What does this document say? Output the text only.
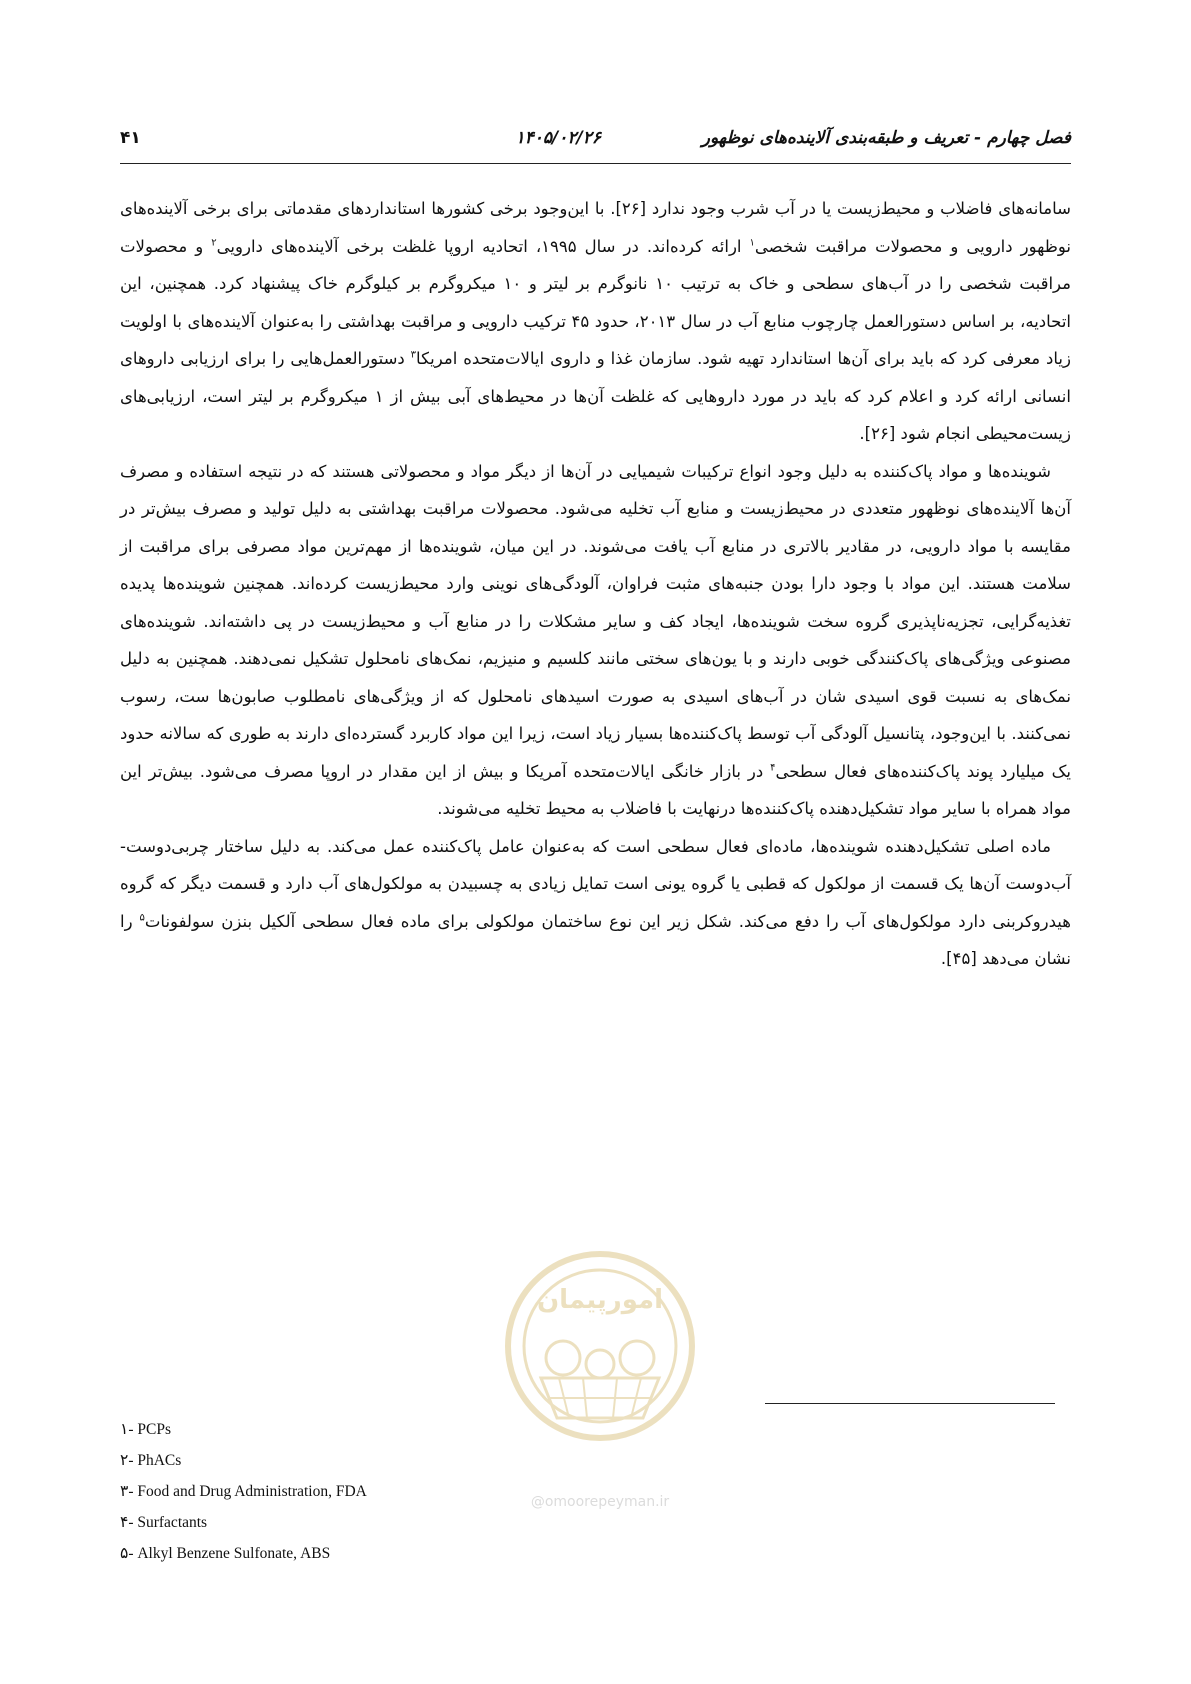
فصل چهارم - تعریف و طبقه‌بندی آلاینده‌های نوظهور
۱۴۰۵/۰۲/۲۶
۴۱

سامانه‌های فاضلاب و محیط‌زیست یا در آب شرب وجود ندارد [۲۶]. با این‌وجود برخی کشورها استانداردهای مقدماتی برای برخی آلاینده‌های نوظهور دارویی و محصولات مراقبت شخصی$^۱$ ارائه کرده‌اند. در سال ۱۹۹۵، اتحادیه اروپا غلظت برخی آلاینده‌های دارویی$^۲$ و محصولات مراقبت شخصی را در آب‌های سطحی و خاک به ترتیب ۱۰ نانوگرم بر لیتر و ۱۰ میکروگرم بر کیلوگرم خاک پیشنهاد کرد. همچنین، این اتحادیه، بر اساس دستورالعمل چارچوب منابع آب در سال ۲۰۱۳، حدود ۴۵ ترکیب دارویی و مراقبت بهداشتی را به‌عنوان آلاینده‌های با اولویت زیاد معرفی کرد که باید برای آن‌ها استاندارد تهیه شود. سازمان غذا و داروی ایالات‌متحده امریکا$^۳$ دستورالعمل‌هایی را برای ارزیابی داروهای انسانی ارائه کرد و اعلام کرد که باید در مورد داروهایی که غلظت آن‌ها در محیط‌های آبی بیش از ۱ میکروگرم بر لیتر است، ارزیابی‌های زیست‌محیطی انجام شود [۲۶].

شوینده‌ها و مواد پاک‌کننده به دلیل وجود انواع ترکیبات شیمیایی در آن‌ها از دیگر مواد و محصولاتی هستند که در نتیجه استفاده و مصرف آن‌ها آلاینده‌های نوظهور متعددی در محیط‌زیست و منابع آب تخلیه می‌شود. محصولات مراقبت بهداشتی به دلیل تولید و مصرف بیش‌تر در مقایسه با مواد دارویی، در مقادیر بالاتری در منابع آب یافت می‌شوند. در این میان، شوینده‌ها از مهم‌ترین مواد مصرفی برای مراقبت از سلامت هستند. این مواد با وجود دارا بودن جنبه‌های مثبت فراوان، آلودگی‌های نوینی وارد محیط‌زیست کرده‌اند. همچنین شوینده‌ها پدیده تغذیه‌گرایی، تجزیه‌ناپذیری گروه سخت شوینده‌ها، ایجاد کف و سایر مشکلات را در منابع آب و محیط‌زیست در پی داشته‌اند. شوینده‌های مصنوعی ویژگی‌های پاک‌کنندگی خوبی دارند و با یون‌های سختی مانند کلسیم و منیزیم، نمک‌های نامحلول تشکیل نمی‌دهند. همچنین به دلیل نمک‌های به نسبت قوی اسیدی شان در آب‌های اسیدی به صورت اسیدهای نامحلول که از ویژگی‌های نامطلوب صابون‌ها ست، رسوب نمی‌کنند. با این‌وجود، پتانسیل آلودگی آب توسط پاک‌کننده‌ها بسیار زیاد است، زیرا این مواد کاربرد گسترده‌ای دارند به طوری که سالانه حدود یک میلیارد پوند پاک‌کننده‌های فعال سطحی$^۴$ در بازار خانگی ایالات‌متحده آمریکا و بیش از این مقدار در اروپا مصرف می‌شود. بیش‌تر این مواد همراه با سایر مواد تشکیل‌دهنده پاک‌کننده‌ها درنهایت با فاضلاب به محیط تخلیه می‌شوند.

ماده اصلی تشکیل‌دهنده شوینده‌ها، ماده‌ای فعال سطحی است که به‌عنوان عامل پاک‌کننده عمل می‌کند. به دلیل ساختار چربی‌دوست- آب‌دوست آن‌ها یک قسمت از مولکول که قطبی یا گروه یونی است تمایل زیادی به چسبیدن به مولکول‌های آب دارد و قسمت دیگر که گروه هیدروکربنی دارد مولکول‌های آب را دفع می‌کند. شکل زیر این نوع ساختمان مولکولی برای ماده فعال سطحی آلکیل بنزن سولفونات$^۵$ را نشان می‌دهد [۴۵].

امورپیمان
@omoorepeyman.ir
۱- PCPs
۲- PhACs
۳- Food and Drug Administration, FDA
۴- Surfactants
۵- Alkyl Benzene Sulfonate, ABS
